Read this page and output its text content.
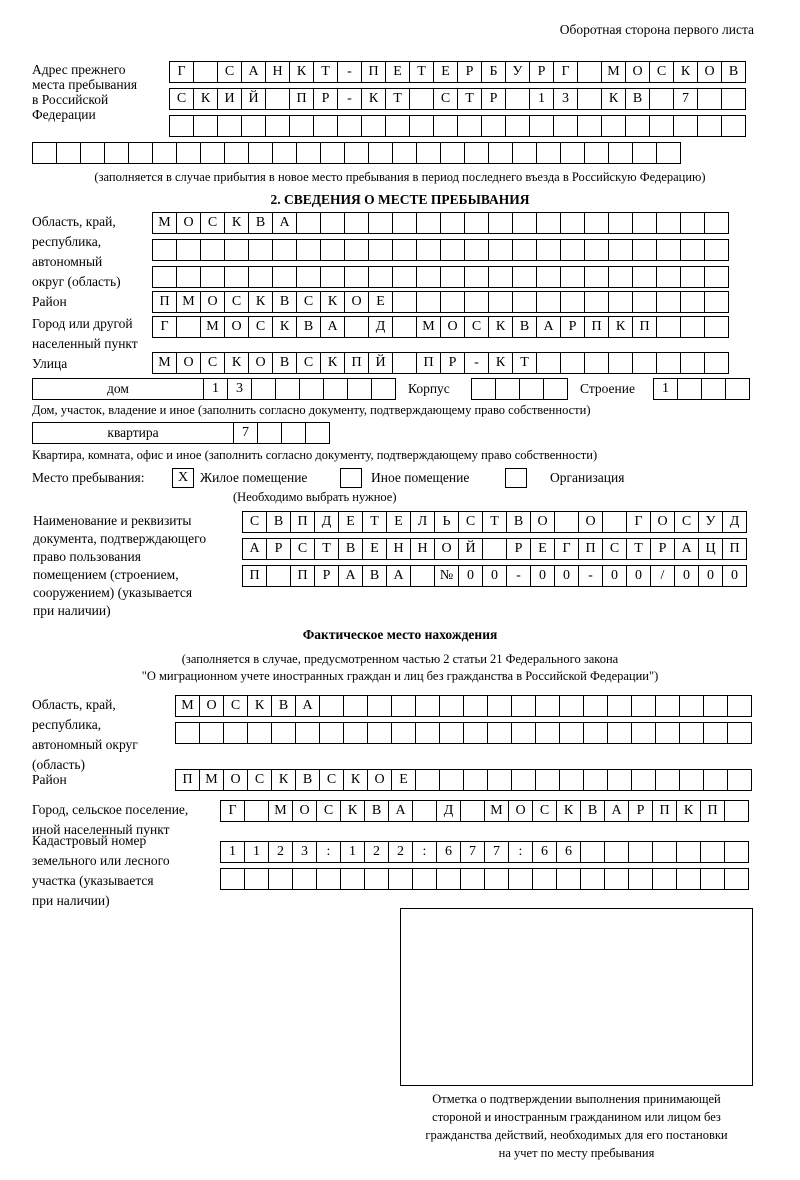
Оборотная сторона первого листа
Адрес прежнего
места пребывания
в Российской
Федерации
Г	С	А Н	К	Т	-	П	Е	Т	Е	Р	Б	У	Р	Г	М О	С	К	О	В
С	К	И Й	П	Р	-	К	Т	С	Т	Р	1	3	К	В	7
(заполняется в случае прибытия в новое место пребывания в период последнего въезда в Российскую Федерацию)
2. СВЕДЕНИЯ О МЕСТЕ ПРЕБЫВАНИЯ
Область, край,
республика,
автономный
округ (область)
М О	С	К	В	А
Район	П М О	С	К	В	С	К	О	Е
Город или другой
населенный пункт
Г	М О	С	К	В	А	Д	М О	С	К	В	А	Р	П	К	П
Улица	М О	С	К	О	В	С	К	П Й	П	Р	-	К	Т
дом	1	3	Корпус	Строение	1
Дом, участок, владение и иное (заполнить согласно документу, подтверждающему право собственности)
квартира	7
Квартира, комната, офис и иное (заполнить согласно документу, подтверждающему право собственности)
Место пребывания:	X Жилое помещение	Иное помещение	Организация
(Необходимо выбрать нужное)
Наименование и реквизиты
документа, подтверждающего
право пользования
помещением (строением,
сооружением) (указывается
при наличии)
С	В	П	Д	Е	Т	Е	Л	Ь	С	Т	В	О	О	Г	О	С	У	Д
А	Р	С	Т	В	Е	Н Н О Й	Р	Е	Г	П	С	Т	Р	А Ц П
П	П	Р	А	В	А	№ 0	0	-	0	0	-	0	0	/	0	0	0
Фактическое место нахождения
(заполняется в случае, предусмотренном частью 2 статьи 21 Федерального закона
"О миграционном учете иностранных граждан и лиц без гражданства в Российской Федерации")
Область, край,
республика,
автономный округ
(область)
М О	С	К	В	А
Район	П М О	С	К	В	С	К	О	Е
Город, сельское поселение,
иной населенный пункт
Г	М О	С	К	В	А	Д	М О	С	К	В	А	Р	П	К	П
Кадастровый номер
земельного или лесного
участка (указывается
при наличии)
1	1	2	3	:	1	2	2	:	6	7	7	:	6	6
Отметка о подтверждении выполнения принимающей
стороной и иностранным гражданином или лицом без
гражданства действий, необходимых для его постановки
на учет по месту пребывания
